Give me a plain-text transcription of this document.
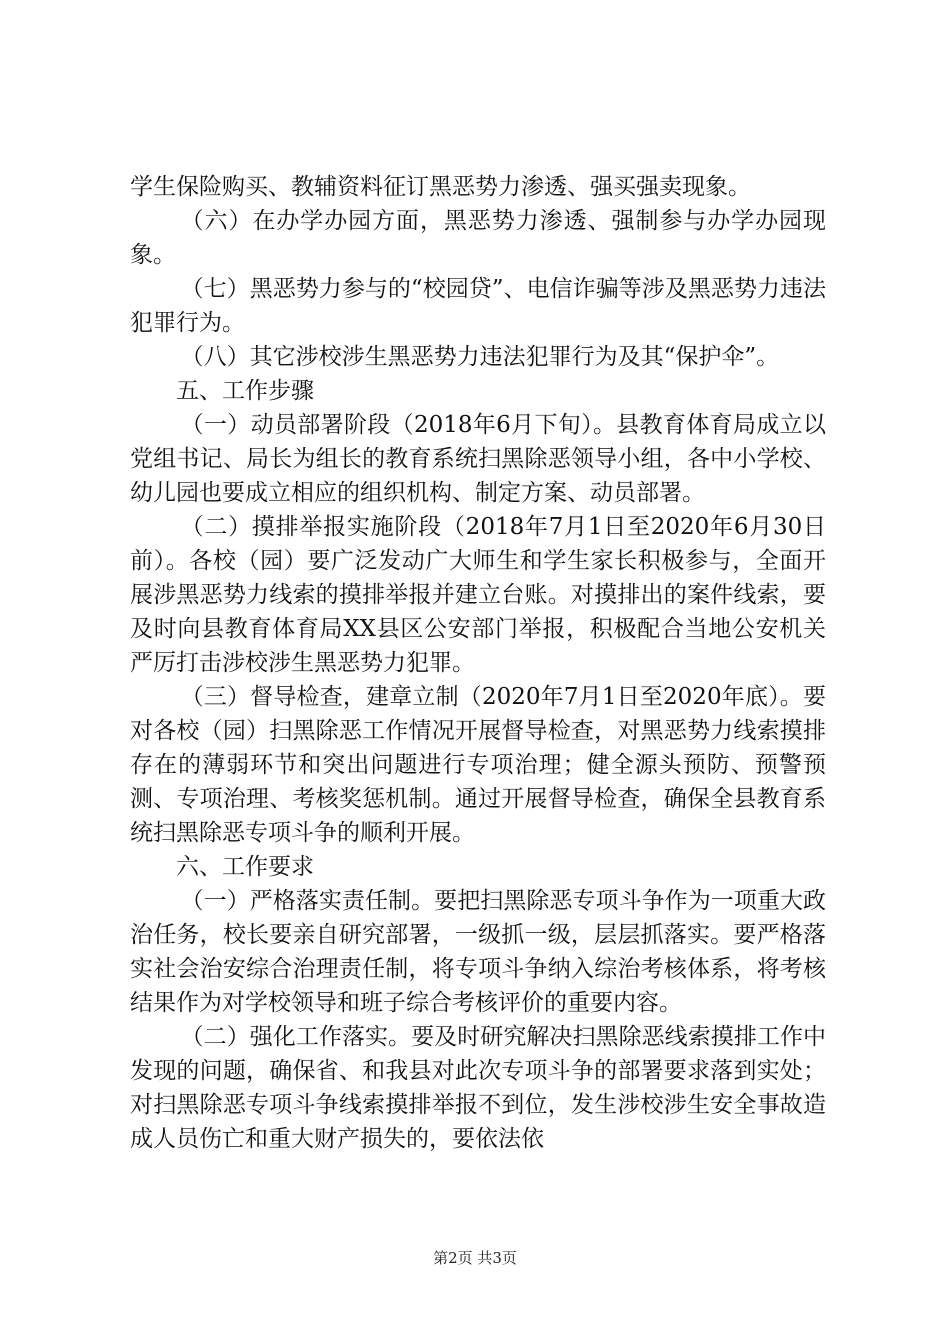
学生保险购买、教辅资料征订黑恶势力渗透、强买强卖现象。

（六）在办学办园方面，黑恶势力渗透、强制参与办学办园现象。

（七）黑恶势力参与的“校园贷”、电信诈骗等涉及黑恶势力违法犯罪行为。

（八）其它涉校涉生黑恶势力违法犯罪行为及其“保护伞”。

五、工作步骤

（一）动员部署阶段（2018年6月下旬）。县教育体育局成立以党组书记、局长为组长的教育系统扫黑除恶领导小组，各中小学校、幼儿园也要成立相应的组织机构、制定方案、动员部署。

（二）摸排举报实施阶段（2018年7月1日至2020年6月30日前）。各校（园）要广泛发动广大师生和学生家长积极参与，全面开展涉黑恶势力线索的摸排举报并建立台账。对摸排出的案件线索，要及时向县教育体育局XX县区公安部门举报，积极配合当地公安机关严厉打击涉校涉生黑恶势力犯罪。

（三）督导检查，建章立制（2020年7月1日至2020年底）。要对各校（园）扫黑除恶工作情况开展督导检查，对黑恶势力线索摸排存在的薄弱环节和突出问题进行专项治理；健全源头预防、预警预测、专项治理、考核奖惩机制。通过开展督导检查，确保全县教育系统扫黑除恶专项斗争的顺利开展。

六、工作要求

（一）严格落实责任制。要把扫黑除恶专项斗争作为一项重大政治任务，校长要亲自研究部署，一级抓一级，层层抓落实。要严格落实社会治安综合治理责任制，将专项斗争纳入综治考核体系，将考核结果作为对学校领导和班子综合考核评价的重要内容。

（二）强化工作落实。要及时研究解决扫黑除恶线索摸排工作中发现的问题，确保省、和我县对此次专项斗争的部署要求落到实处；对扫黑除恶专项斗争线索摸排举报不到位，发生涉校涉生安全事故造成人员伤亡和重大财产损失的，要依法依

第2页 共3页
